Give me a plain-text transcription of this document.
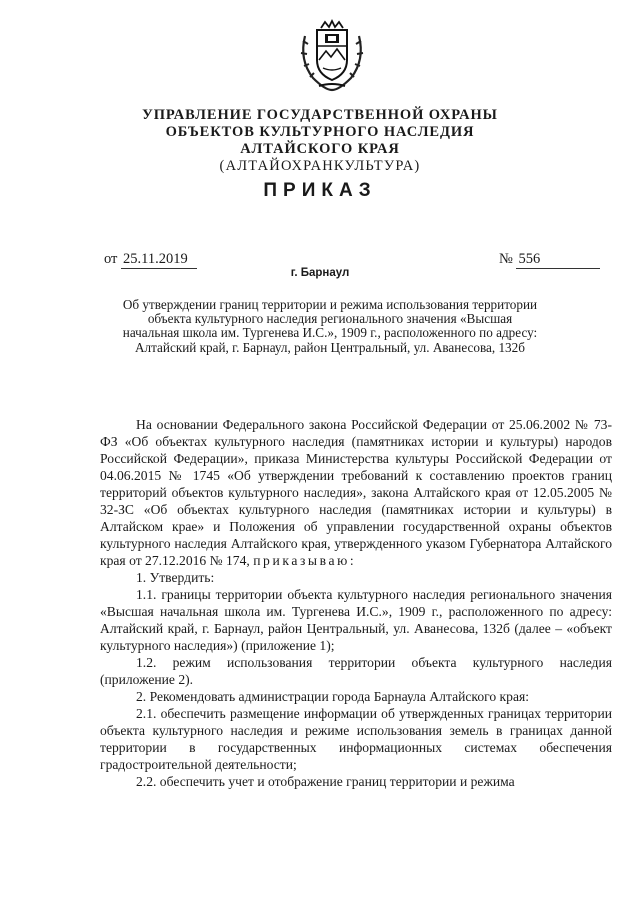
УПРАВЛЕНИЕ ГОСУДАРСТВЕННОЙ ОХРАНЫ
ОБЪЕКТОВ КУЛЬТУРНОГО НАСЛЕДИЯ
АЛТАЙСКОГО КРАЯ
(АЛТАЙОХРАНКУЛЬТУРА)
ПРИКАЗ
от 25.11.2019	№ 556
г. Барнаул
Об утверждении границ территории и режима использования территории объекта культурного наследия регионального значения «Высшая начальная школа им. Тургенева И.С.», 1909 г., расположенного по адресу: Алтайский край, г. Барнаул, район Центральный, ул. Аванесова, 132б

На основании Федерального закона Российской Федерации от 25.06.2002 № 73-ФЗ «Об объектах культурного наследия (памятниках истории и культуры) народов Российской Федерации», приказа Министерства культуры Российской Федерации от 04.06.2015 № 1745 «Об утверждении требований к составлению проектов границ территорий объектов культурного наследия», закона Алтайского края от 12.05.2005 № 32-ЗС «Об объектах культурного наследия (памятниках истории и культуры) в Алтайском крае» и Положения об управлении государственной охраны объектов культурного наследия Алтайского края, утвержденного указом Губернатора Алтайского края от 27.12.2016 № 174, приказываю:

1. Утвердить:

1.1. границы территории объекта культурного наследия регионального значения «Высшая начальная школа им. Тургенева И.С.», 1909 г., расположенного по адресу: Алтайский край, г. Барнаул, район Центральный, ул. Аванесова, 132б (далее – «объект культурного наследия») (приложение 1);

1.2. режим использования территории объекта культурного наследия (приложение 2).

2. Рекомендовать администрации города Барнаула Алтайского края:

2.1. обеспечить размещение информации об утвержденных границах территории объекта культурного наследия и режиме использования земель в границах данной территории в государственных информационных системах обеспечения градостроительной деятельности;

2.2. обеспечить учет и отображение границ территории и режима
